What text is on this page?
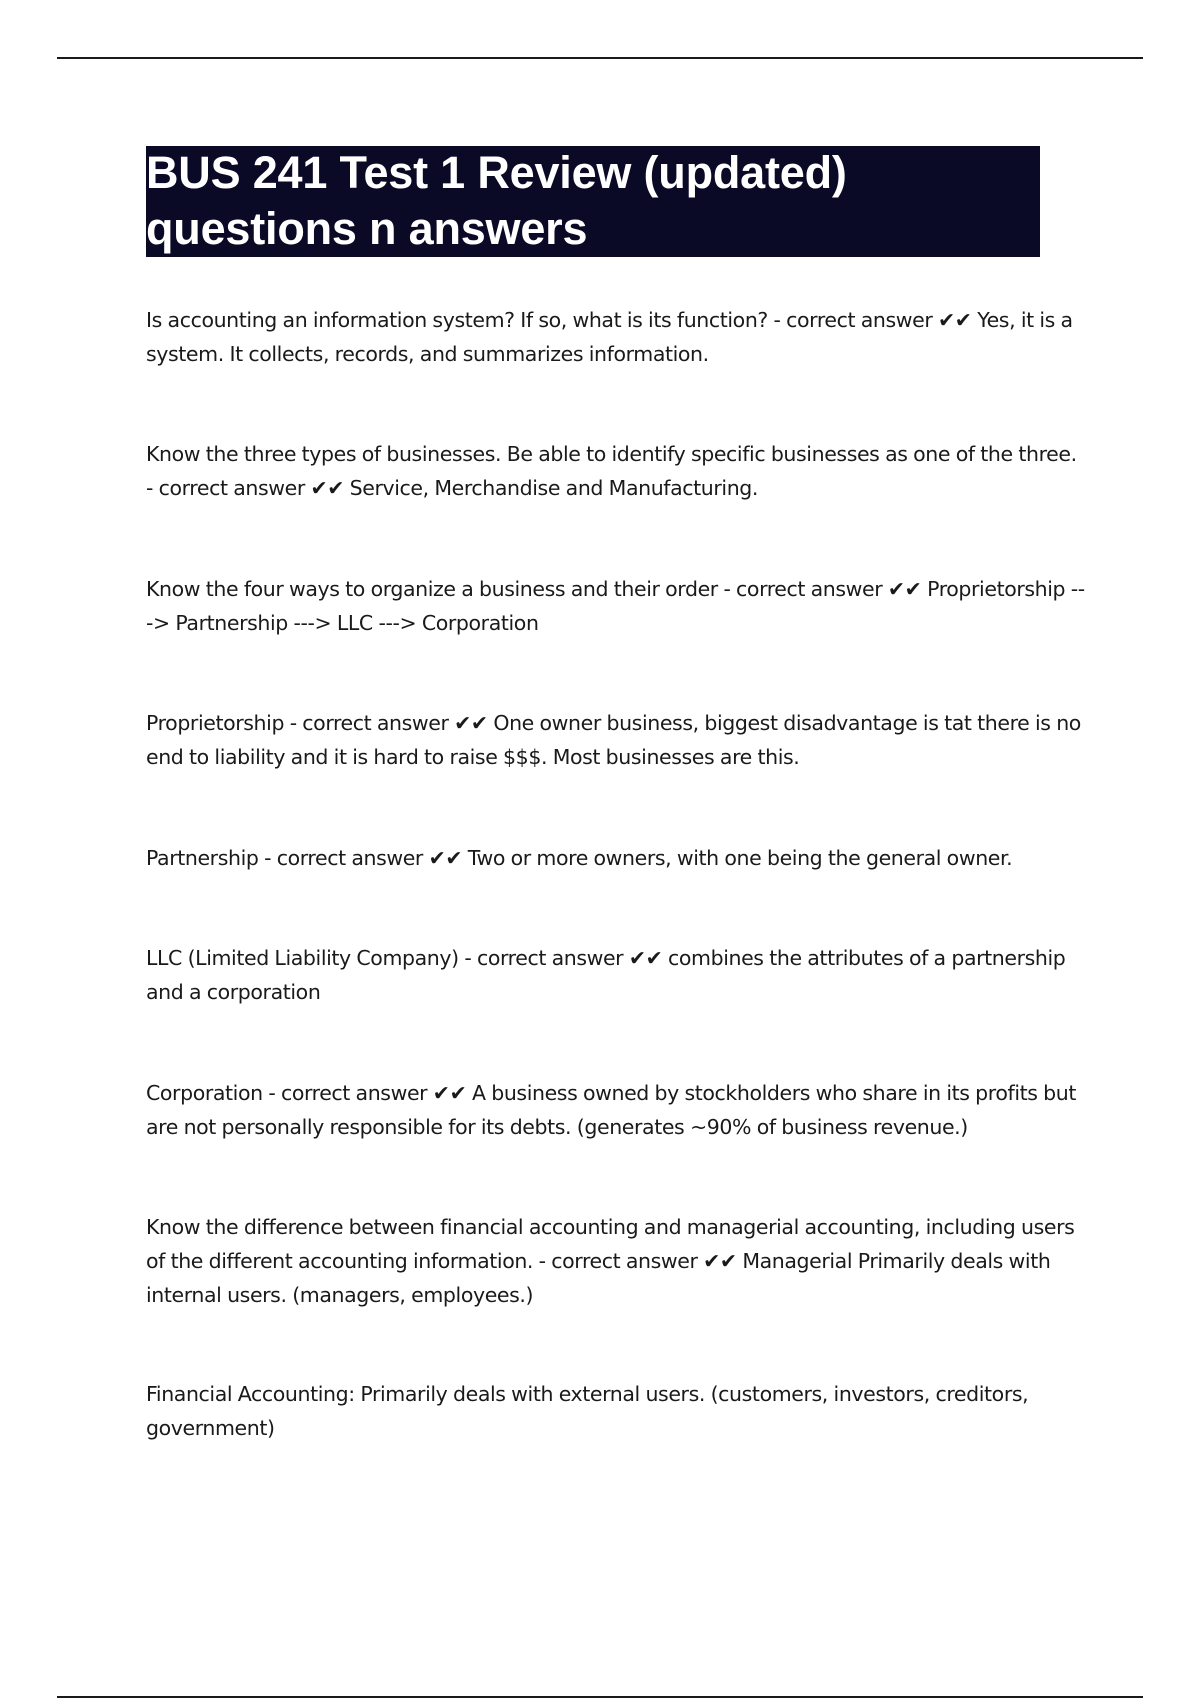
BUS 241 Test 1 Review (updated) questions n answers

Is accounting an information system? If so, what is its function? - correct answer ✔✔ Yes, it is a system. It collects, records, and summarizes information.

Know the three types of businesses. Be able to identify specific businesses as one of the three. - correct answer ✔✔ Service, Merchandise and Manufacturing.

Know the four ways to organize a business and their order - correct answer ✔✔ Proprietorship ---> Partnership ---> LLC ---> Corporation

Proprietorship - correct answer ✔✔ One owner business, biggest disadvantage is tat there is no end to liability and it is hard to raise $$$. Most businesses are this.

Partnership - correct answer ✔✔ Two or more owners, with one being the general owner.

LLC (Limited Liability Company) - correct answer ✔✔ combines the attributes of a partnership and a corporation

Corporation - correct answer ✔✔ A business owned by stockholders who share in its profits but are not personally responsible for its debts. (generates ~90% of business revenue.)

Know the difference between financial accounting and managerial accounting, including users of the different accounting information. - correct answer ✔✔ Managerial Primarily deals with internal users. (managers, employees.)

Financial Accounting: Primarily deals with external users. (customers, investors, creditors, government)
